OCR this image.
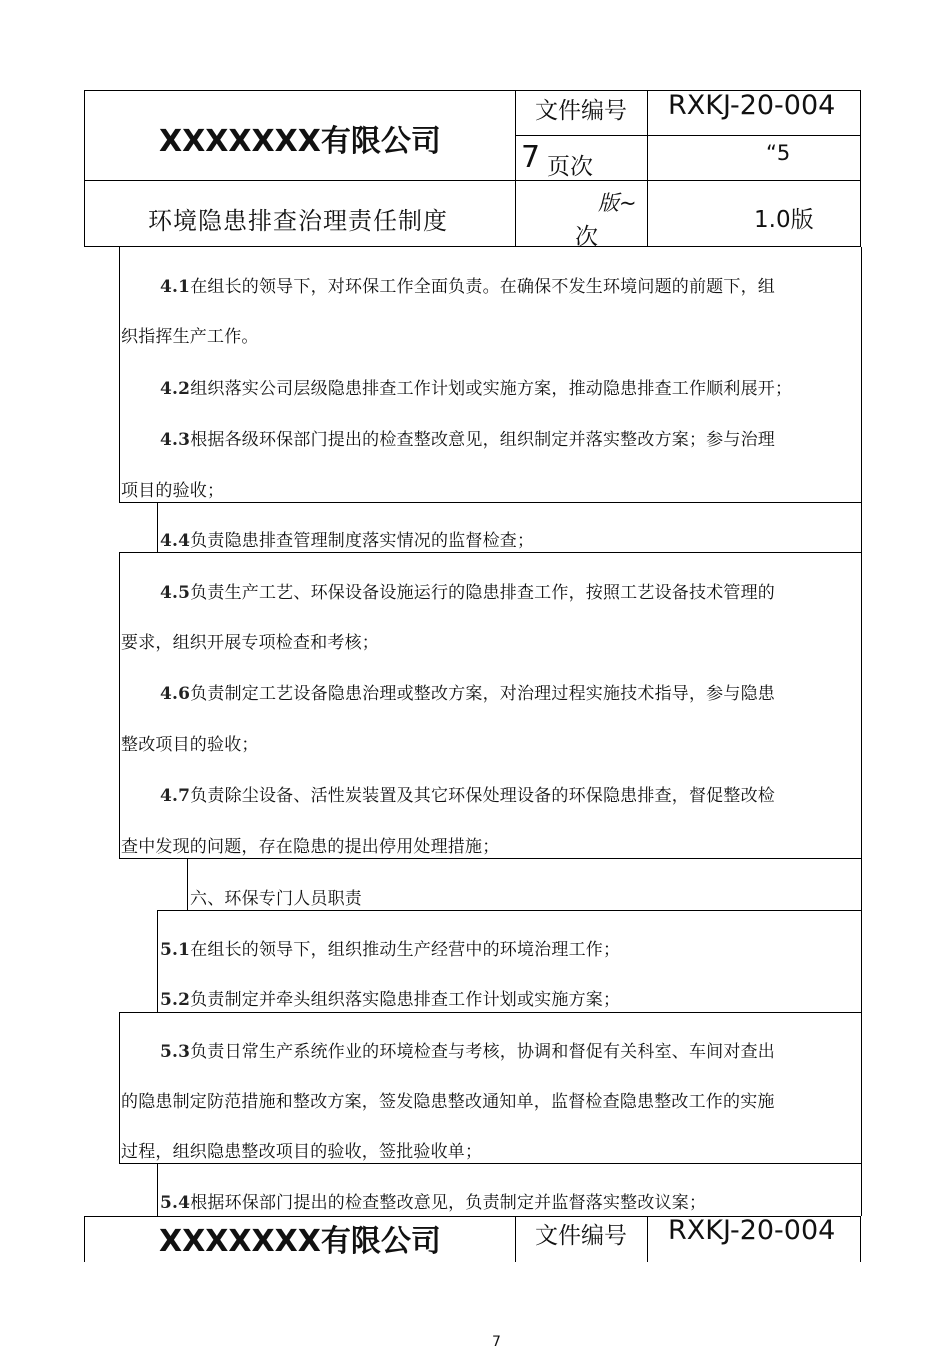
XXXXXXX有限公司
文件编号 RXKJ-20-004
7 页次
“5
环境隐患排查治理责任制度
版~
次
1.0版
4.1在组长的领导下，对环保工作全面负责。在确保不发生环境问题的前题下，组
织指挥生产工作。
4.2组织落实公司层级隐患排查工作计划或实施方案，推动隐患排查工作顺利展开；
4.3根据各级环保部门提出的检查整改意见，组织制定并落实整改方案；参与治理
项目的验收；
4.4负责隐患排查管理制度落实情况的监督检查；
4.5负责生产工艺、环保设备设施运行的隐患排查工作，按照工艺设备技术管理的
要求，组织开展专项检查和考核；
4.6负责制定工艺设备隐患治理或整改方案，对治理过程实施技术指导，参与隐患
整改项目的验收；
4.7负责除尘设备、活性炭装置及其它环保处理设备的环保隐患排查，督促整改检
查中发现的问题，存在隐患的提出停用处理措施；
六、环保专门人员职责
5.1在组长的领导下，组织推动生产经营中的环境治理工作；
5.2负责制定并牵头组织落实隐患排查工作计划或实施方案；
5.3负责日常生产系统作业的环境检查与考核，协调和督促有关科室、车间对查出
的隐患制定防范措施和整改方案，签发隐患整改通知单，监督检查隐患整改工作的实施
过程，组织隐患整改项目的验收，签批验收单；
5.4根据环保部门提出的检查整改意见，负责制定并监督落实整改议案；
XXXXXXX有限公司	文件编号 RXKJ-20-004
7
